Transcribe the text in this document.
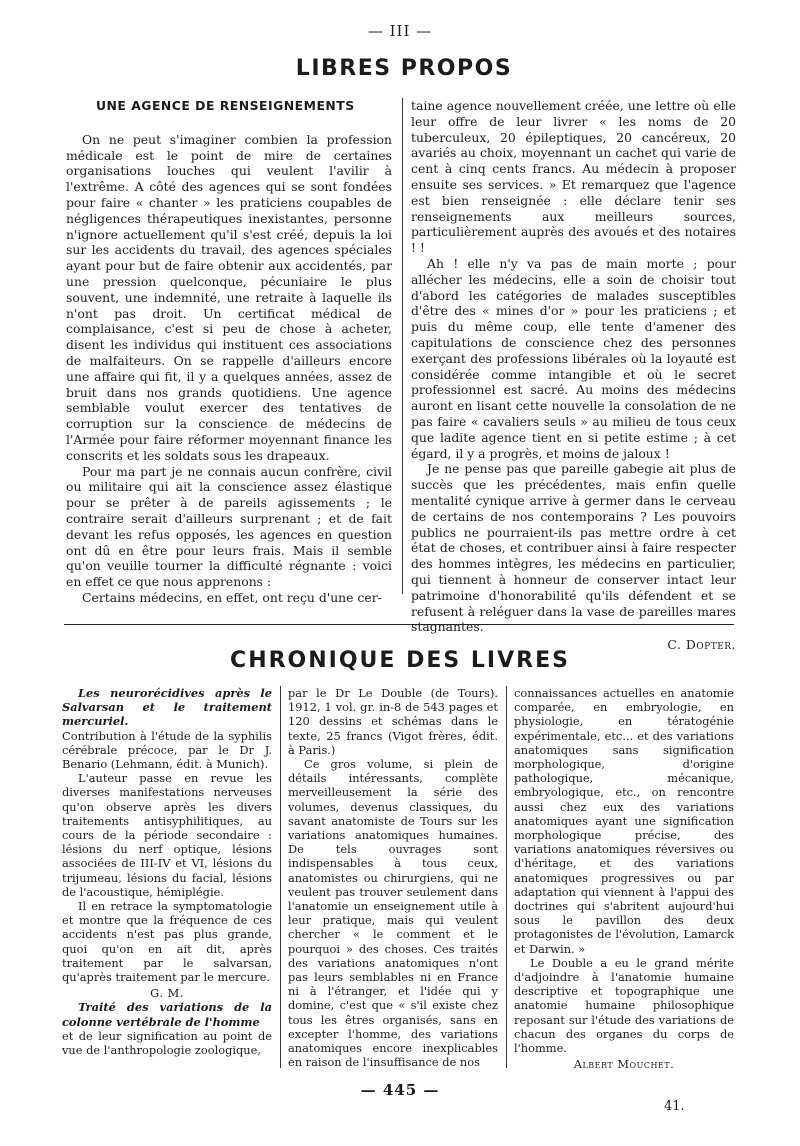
— III —
LIBRES PROPOS
UNE AGENCE DE RENSEIGNEMENTS

On ne peut s'imaginer combien la profession médicale est le point de mire de certaines organisations louches qui veulent l'avilir à l'extrême. A côté des agences qui se sont fondées pour faire « chanter » les praticiens coupables de négligences thérapeutiques inexistantes, personne n'ignore actuellement qu'il s'est créé, depuis la loi sur les accidents du travail, des agences spéciales ayant pour but de faire obtenir aux accidentés, par une pression quelconque, pécuniaire le plus souvent, une indemnité, une retraite à laquelle ils n'ont pas droit. Un certificat médical de complaisance, c'est si peu de chose à acheter, disent les individus qui instituent ces associations de malfaiteurs. On se rappelle d'ailleurs encore une affaire qui fit, il y a quelques années, assez de bruit dans nos grands quotidiens. Une agence semblable voulut exercer des tentatives de corruption sur la conscience de médecins de l'Armée pour faire réformer moyennant finance les conscrits et les soldats sous les drapeaux.

Pour ma part je ne connais aucun confrère, civil ou militaire qui ait la conscience assez élastique pour se prêter à de pareils agissements ; le contraire serait d'ailleurs surprenant ; et de fait devant les refus opposés, les agences en question ont dû en être pour leurs frais. Mais il semble qu'on veuille tourner la difficulté régnante : voici en effet ce que nous apprenons :

Certains médecins, en effet, ont reçu d'une cer-

taine agence nouvellement créée, une lettre où elle leur offre de leur livrer « les noms de 20 tuberculeux, 20 épileptiques, 20 cancéreux, 20 avariés au choix, moyennant un cachet qui varie de cent à cinq cents francs. Au médecin à proposer ensuite ses services. » Et remarquez que l'agence est bien renseignée : elle déclare tenir ses renseignements aux meilleurs sources, particulièrement auprès des avoués et des notaires ! !

Ah ! elle n'y va pas de main morte ; pour allécher les médecins, elle a soin de choisir tout d'abord les catégories de malades susceptibles d'être des « mines d'or » pour les praticiens ; et puis du même coup, elle tente d'amener des capitulations de conscience chez des personnes exerçant des professions libérales où la loyauté est considérée comme intangible et où le secret professionnel est sacré. Au moins des médecins auront en lisant cette nouvelle la consolation de ne pas faire « cavaliers seuls » au milieu de tous ceux que ladite agence tient en si petite estime ; à cet égard, il y a progrès, et moins de jaloux !

Je ne pense pas que pareille gabegie ait plus de succès que les précédentes, mais enfin quelle mentalité cynique arrive à germer dans le cerveau de certains de nos contemporains ? Les pouvoirs publics ne pourraient-ils pas mettre ordre à cet état de choses, et contribuer ainsi à faire respecter des hommes intègres, les médecins en particulier, qui tiennent à honneur de conserver intact leur patrimoine d'honorabilité qu'ils défendent et se refusent à reléguer dans la vase de pareilles mares stagnantes.

C. Dopter.
CHRONIQUE DES LIVRES

Les neurorécidives après le Salvarsan et le traitement mercuriel.

Contribution à l'étude de la syphilis cérébrale précoce, par le Dr J. Benario (Lehmann, édit. à Munich).

L'auteur passe en revue les diverses manifestations nerveuses qu'on observe après les divers traitements antisyphilitiques, au cours de la période secondaire : lésions du nerf optique, lésions associées de III-IV et VI, lésions du trijumeau, lésions du facial, lésions de l'acoustique, hémiplégie.

Il en retrace la symptomatologie et montre que la fréquence de ces accidents n'est pas plus grande, quoi qu'on en ait dit, après traitement par le salvarsan, qu'après traitement par le mercure.

G. M.

Traité des variations de la colonne vertébrale de l'homme

et de leur signification au point de vue de l'anthropologie zoologique,

par le Dr Le Double (de Tours). 1912, 1 vol. gr. in-8 de 543 pages et 120 dessins et schémas dans le texte, 25 francs (Vigot frères, édit. à Paris.)

Ce gros volume, si plein de détails intéressants, complète merveilleusement la série des volumes, devenus classiques, du savant anatomiste de Tours sur les variations anatomiques humaines. De tels ouvrages sont indispensables à tous ceux, anatomistes ou chirurgiens, qui ne veulent pas trouver seulement dans l'anatomie un enseignement utile à leur pratique, mais qui veulent chercher « le comment et le pourquoi » des choses. Ces traités des variations anatomiques n'ont pas leurs semblables ni en France ni à l'étranger, et l'idée qui y domine, c'est que « s'il existe chez tous les êtres organisés, sans en excepter l'homme, des variations anatomiques encore inexplicables en raison de l'insuffisance de nos

connaissances actuelles en anatomie comparée, en embryologie, en physiologie, en tératogénie expérimentale, etc... et des variations anatomiques sans signification morphologique, d'origine pathologique, mécanique, embryologique, etc., on rencontre aussi chez eux des variations anatomiques ayant une signification morphologique précise, des variations anatomiques réversives ou d'héritage, et des variations anatomiques progressives ou par adaptation qui viennent à l'appui des doctrines qui s'abritent aujourd'hui sous le pavillon des deux protagonistes de l'évolution, Lamarck et Darwin. »

Le Double a eu le grand mérite d'adjoindre à l'anatomie humaine descriptive et topographique une anatomie humaine philosophique reposant sur l'étude des variations de chacun des organes du corps de l'homme.

Albert Mouchet.
— 445 —
41.
